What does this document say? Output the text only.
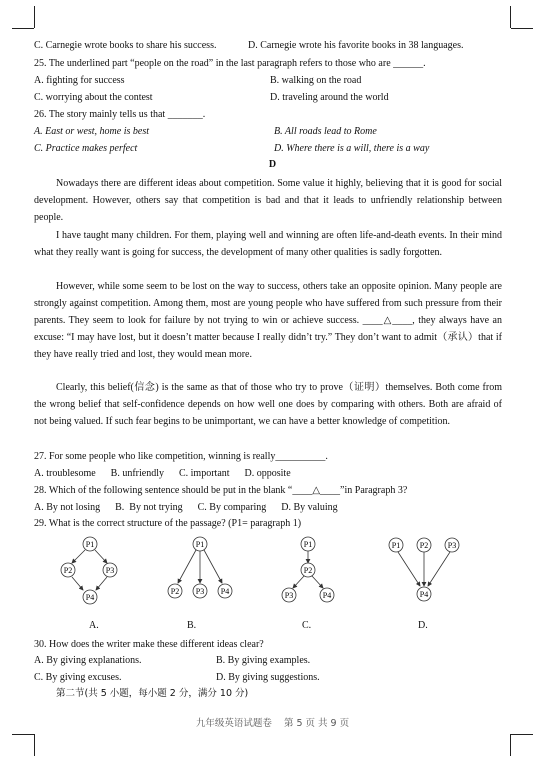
C. Carnegie wrote books to share his success.	D. Carnegie wrote his favorite books in 38 languages.
25. The underlined part “people on the road” in the last paragraph refers to those who are ______.
A. fighting for success	B. walking on the road
C. worrying about the contest	D. traveling around the world
26. The story mainly tells us that _______.
A. East or west, home is best	B. All roads lead to Rome
C. Practice makes perfect	D. Where there is a will, there is a way
D
Nowadays there are different ideas about competition. Some value it highly, believing that it is good for social development. However, others say that competition is bad and that it leads to unfriendly relationship between people.
I have taught many children. For them, playing well and winning are often life-and-death events. In their mind what they really want is going for success, the development of many other qualities is sadly forgotten.
However, while some seem to be lost on the way to success, others take an opposite opinion. Many people are strongly against competition. Among them, most are young people who have suffered from such pressure from their parents. They seem to look for failure by not trying to win or achieve success. ____△____, they always have an excuse: “I may have lost, but it doesn’t matter because I really didn’t try.” They don’t want to admit（承认）that if they have really tried and lost, they would mean more.
Clearly, this belief(信念) is the same as that of those who try to prove（证明）themselves. Both come from the wrong belief that self-confidence depends on how well one does by comparing with others. Both are afraid of not being valued. If such fear begins to be unimportant, we can have a better knowledge of competition.
27. For some people who like competition, winning is really__________.
A. troublesome      B. unfriendly      C. important      D. opposite
28. Which of the following sentence should be put in the blank “____△____”in Paragraph 3?
A. By not losing      B.  By not trying      C. By comparing      D. By valuing
29. What is the correct structure of the passage? (P1= paragraph 1)
P1
P2	P3
P4
P1
P2 P3 P4
P1
P2
P3	P4
P1 P2 P3
P4
A.	B.	C.	D.
30. How does the writer make these different ideas clear?
A. By giving explanations.	B. By giving examples.
C. By giving excuses.	D. By giving suggestions.
第二节(共 5 小题，每小题 2 分，满分 10 分)
九年级英语试题卷    第 5 页 共 9 页
